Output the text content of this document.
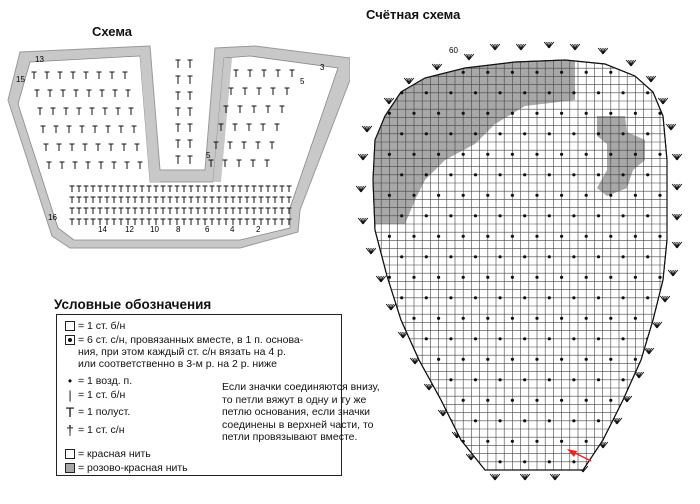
Схема
Счётная схема
16
14 12 10 8	6	4	2
5
15
13
5
3
60
Условные обозначения
= 1 ст. б/н
= 6 ст. с/н, провязанных вместе, в 1 п. основа-
ния, при этом каждый ст. с/н вязать на 4 р.
или соответственно в 3-м р. на 2 р. ниже
• = 1 возд. п.
| = 1 ст. б/н
T = 1 полуст.
† = 1 ст. с/н
= красная нить
= розово-красная нить
Если значки соединяются внизу,
то петли вяжут в одну и ту же
петлю основания, если значки
соединены в верхней части, то
петли провязывают вместе.
